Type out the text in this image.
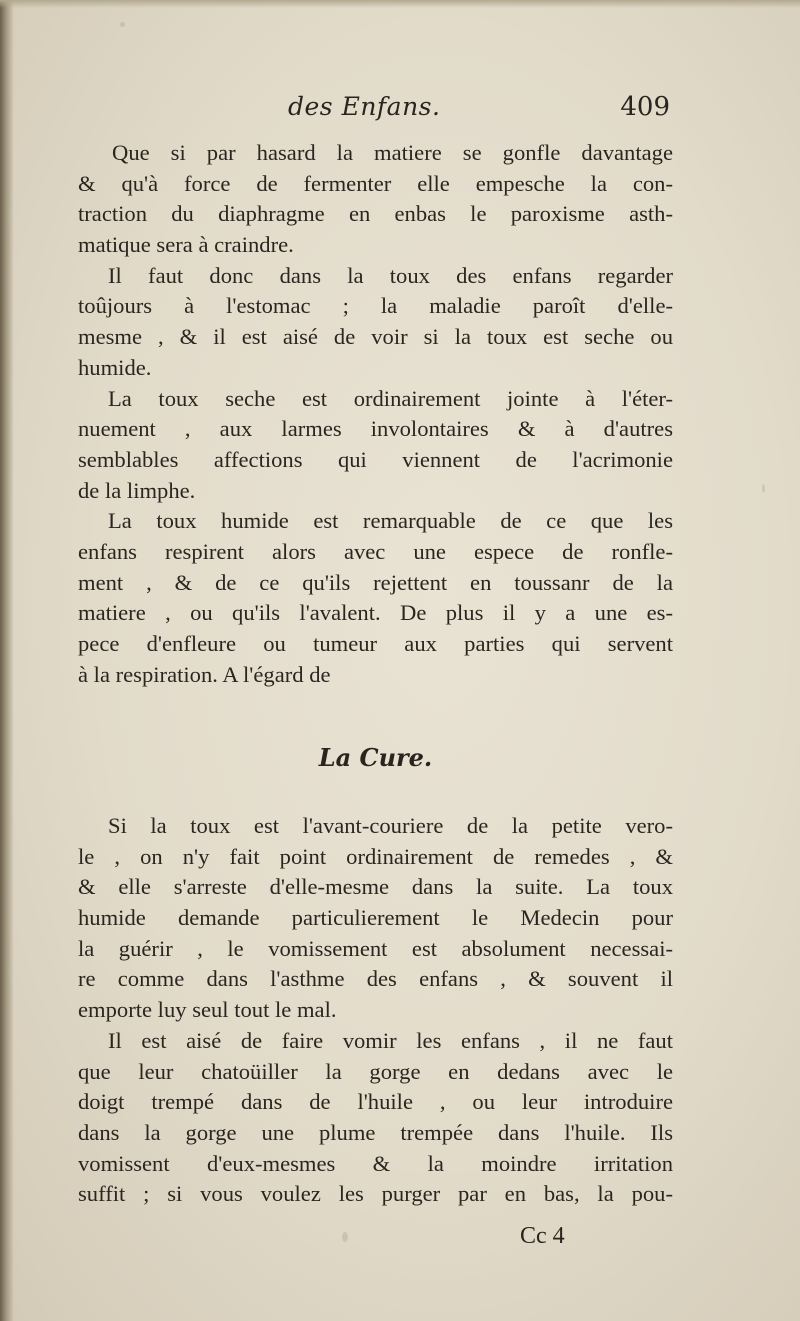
des Enfans.	409
Que si par hasard la matiere se gonfle davantage
& qu'à force de fermenter elle empesche la con-
traction du diaphragme en enbas le paroxisme asth-
matique sera à craindre.
Il faut donc dans la toux des enfans regarder
toûjours à l'estomac ; la maladie paroît d'elle-
mesme , & il est aisé de voir si la toux est seche ou
humide.
La toux seche est ordinairement jointe à l'éter-
nuement , aux larmes involontaires & à d'autres
semblables affections qui viennent de l'acrimonie
de la limphe.
La toux humide est remarquable de ce que les
enfans respirent alors avec une espece de ronfle-
ment , & de ce qu'ils rejettent en toussanr de la
matiere , ou qu'ils l'avalent. De plus il y a une es-
pece d'enfleure ou tumeur aux parties qui servent
à la respiration. A l'égard de
La Cure.
Si la toux est l'avant-couriere de la petite vero-
le , on n'y fait point ordinairement de remedes , &
& elle s'arreste d'elle-mesme dans la suite. La toux
humide demande particulierement le Medecin pour
la guérir , le vomissement est absolument necessai-
re comme dans l'asthme des enfans , & souvent il
emporte luy seul tout le mal.
Il est aisé de faire vomir les enfans , il ne faut
que leur chatoüiller la gorge en dedans avec le
doigt trempé dans de l'huile , ou leur introduire
dans la gorge une plume trempée dans l'huile. Ils
vomissent d'eux-mesmes & la moindre irritation
suffit ; si vous voulez les purger par en bas, la pou-
Cc 4
